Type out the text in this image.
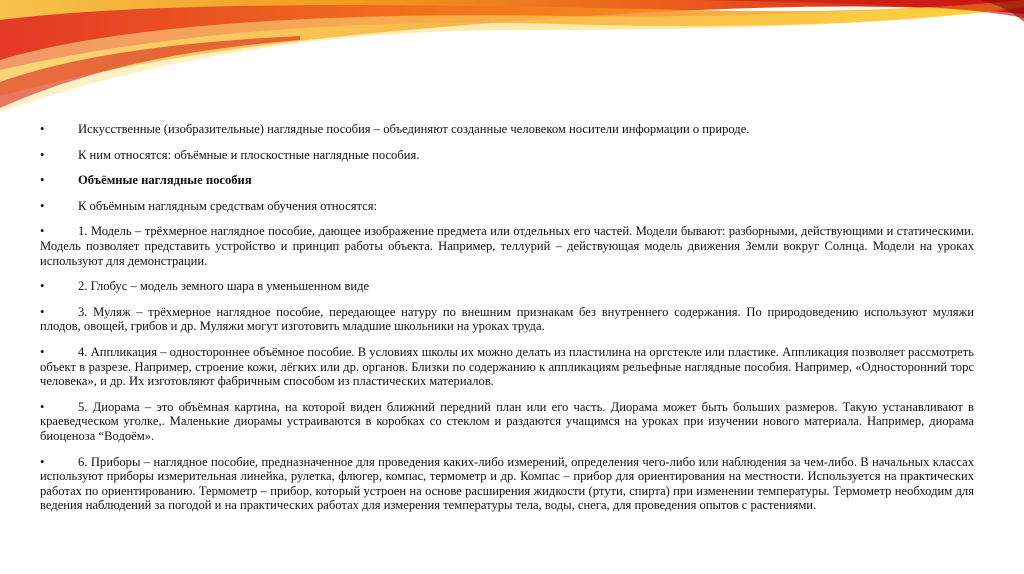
•	Искусственные (изобразительные) наглядные пособия – объединяют созданные человеком носители информации о природе.
•	К ним относятся: объёмные и плоскостные наглядные пособия.
•	Объёмные наглядные пособия
•	К объёмным наглядным средствам обучения относятся:
•	1. Модель – трёхмерное наглядное пособие, дающее изображение предмета или отдельных его частей. Модели бывают: разборными, действующими и статическими. Модель позволяет представить устройство и принцип работы объекта. Например, теллурий – действующая модель движения Земли вокруг Солнца. Модели на уроках используют для демонстрации.
•	2. Глобус – модель земного шара в уменьшенном виде
•	3. Муляж – трёхмерное наглядное пособие, передающее натуру по внешним признакам без внутреннего содержания. По природоведению используют муляжи плодов, овощей, грибов и др. Муляжи могут изготовить младшие школьники на уроках труда.
•	4. Аппликация – одностороннее объёмное пособие. В условиях школы их можно делать из пластилина на оргстекле или пластике. Аппликация позволяет рассмотреть объект в разрезе. Например, строение кожи, лёгких или др. органов. Близки по содержанию к аппликациям рельефные наглядные пособия. Например, «Односторонний торс человека», и др. Их изготовляют фабричным способом из пластических материалов.
•	5. Диорама – это объёмная картина, на которой виден ближний передний план или его часть. Диорама может быть больших размеров. Такую устанавливают в краеведческом уголке,. Маленькие диорамы устраиваются в коробках со стеклом и раздаются учащимся на уроках при изучении нового материала. Например, диорама биоценоза “Водоём».
•	6. Приборы – наглядное пособие, предназначенное для проведения каких-либо измерений, определения чего-либо или наблюдения за чем-либо. В начальных классах используют приборы измерительная линейка, рулетка, флюгер, компас, термометр и др. Компас – прибор для ориентирования на местности. Используется на практических работах по ориентированию. Термометр – прибор, который устроен на основе расширения жидкости (ртути, спирта) при изменении температуры. Термометр необходим для ведения наблюдений за погодой и на практических работах для измерения температуры тела, воды, снега, для проведения опытов с растениями.
